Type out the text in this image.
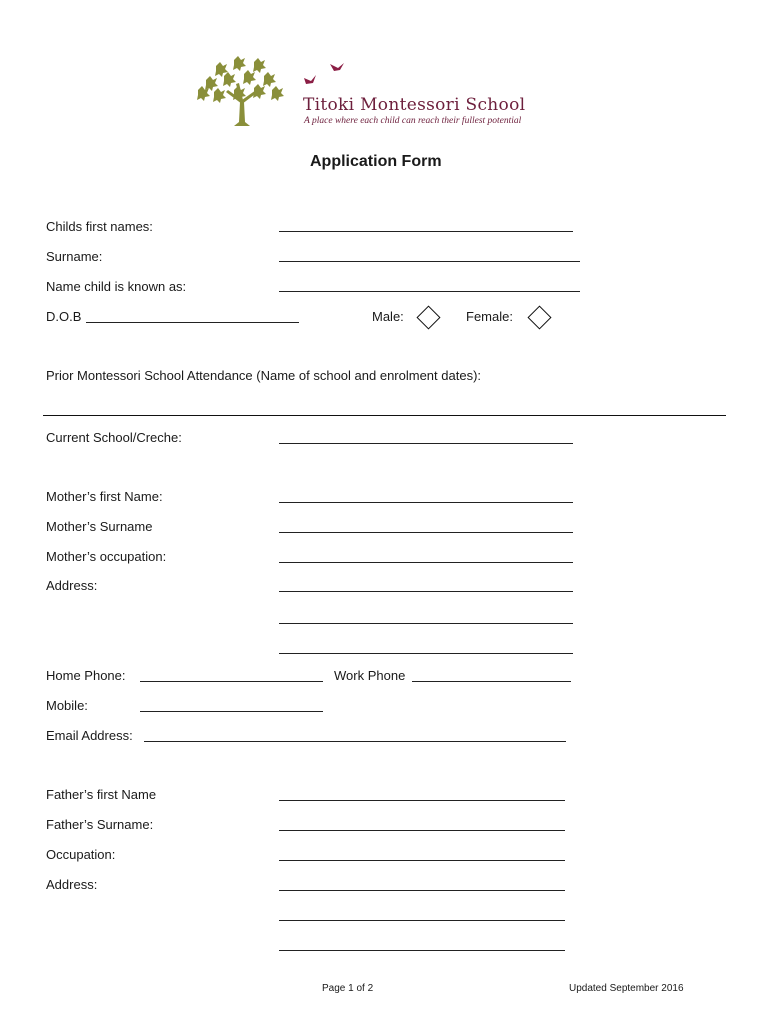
Titoki Montessori School
A place where each child can reach their fullest potential
Application Form
Childs first names:
Surname:
Name child is known as:
D.O.B	Male:	Female:
Prior Montessori School Attendance (Name of school and enrolment dates):
Current School/Creche:
Mother’s first Name:
Mother’s Surname
Mother’s occupation:
Address:
Home Phone:	Work Phone
Mobile:
Email Address:
Father’s first Name
Father’s Surname:
Occupation:
Address:
Page 1 of 2	Updated September 2016
